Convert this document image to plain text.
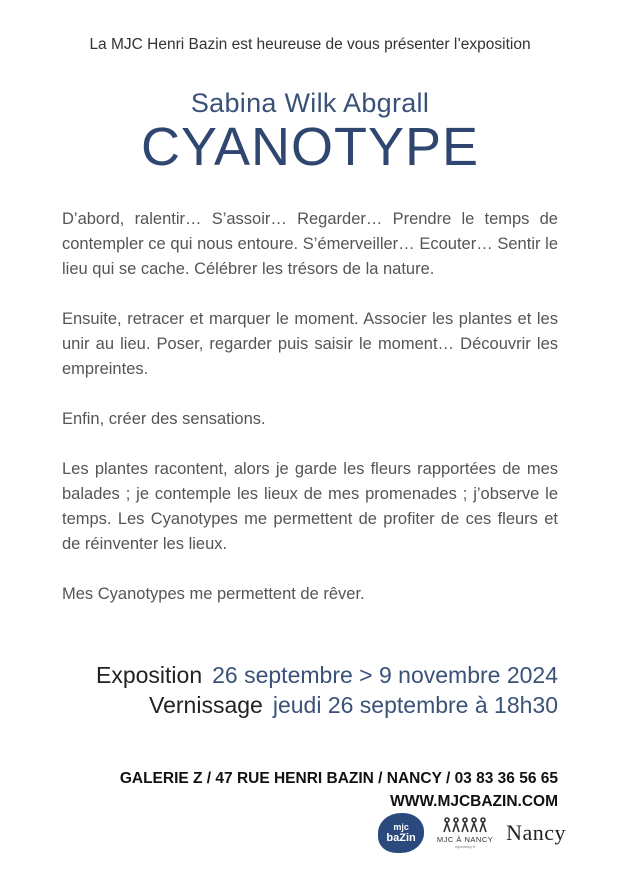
La MJC Henri Bazin est heureuse de vous présenter l’exposition
Sabina Wilk Abgrall
CYANOTYPE

D’abord, ralentir… S’assoir… Regarder… Prendre le temps de contempler ce qui nous entoure. S’émerveiller… Ecouter… Sentir le lieu qui se cache. Célébrer les trésors de la nature.

Ensuite, retracer et marquer le moment. Associer les plantes et les unir au lieu. Poser, regarder puis saisir le moment… Découvrir les empreintes.

Enfin, créer des sensations.

Les plantes racontent, alors je garde les fleurs rapportées de mes balades ; je contemple les lieux de mes promenades ; j’observe le temps. Les Cyanotypes me permettent de profiter de ces fleurs et de réinventer les lieux.

Mes Cyanotypes me permettent de rêver.

Exposition 26 septembre > 9 novembre 2024
Vernissage jeudi 26 septembre à 18h30
GALERIE Z / 47 RUE HENRI BAZIN / NANCY / 03 83 36 56 65
WWW.MJCBAZIN.COM
mjc
baZin	MJC À NANCY
mjcnancy.fr
Nancy
